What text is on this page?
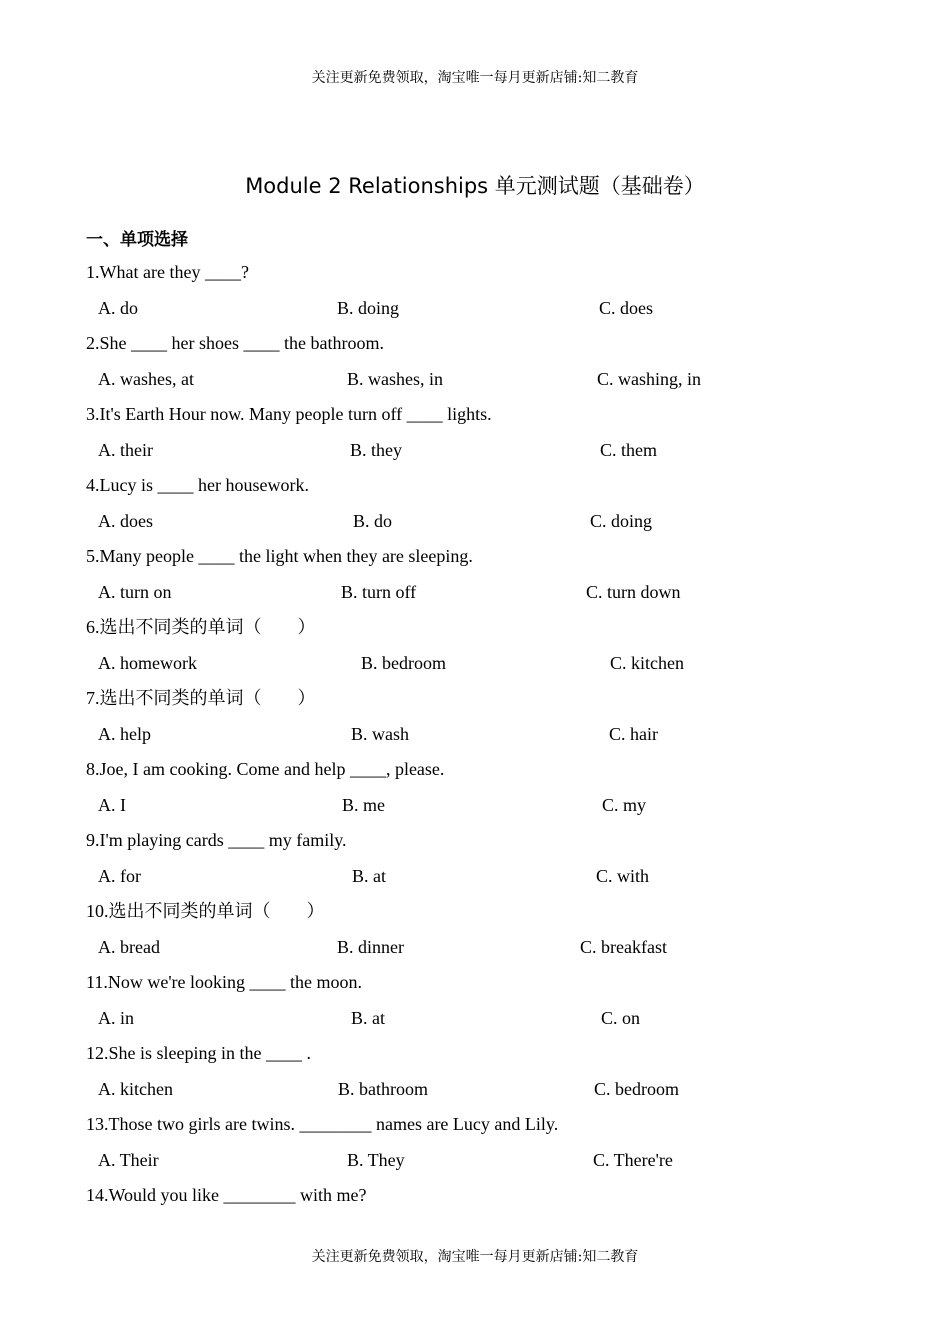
关注更新免费领取，淘宝唯一每月更新店铺:知二教育
Module 2 Relationships 单元测试题（基础卷）
一、单项选择
1.What are they ____?
A. do	B. doing	C. does
2.She ____ her shoes ____ the bathroom.
A. washes, at	B. washes, in	C. washing, in
3.It's Earth Hour now. Many people turn off ____ lights.
A. their	B. they	C. them
4.Lucy is ____ her housework.
A. does	B. do	C. doing
5.Many people ____ the light when they are sleeping.
A. turn on	B. turn off	C. turn down
6.选出不同类的单词（　　）
A. homework	B. bedroom	C. kitchen
7.选出不同类的单词（　　）
A. help	B. wash	C. hair
8.Joe, I am cooking. Come and help ____, please.
A. I	B. me	C. my
9.I'm playing cards ____ my family.
A. for	B. at	C. with
10.选出不同类的单词（　　）
A. bread	B. dinner	C. breakfast
11.Now we're looking ____ the moon.
A. in	B. at	C. on
12.She is sleeping in the ____ .
A. kitchen	B. bathroom	C. bedroom
13.Those two girls are twins. ________ names are Lucy and Lily.
A. Their	B. They	C. There're
14.Would you like ________ with me?
关注更新免费领取，淘宝唯一每月更新店铺:知二教育
